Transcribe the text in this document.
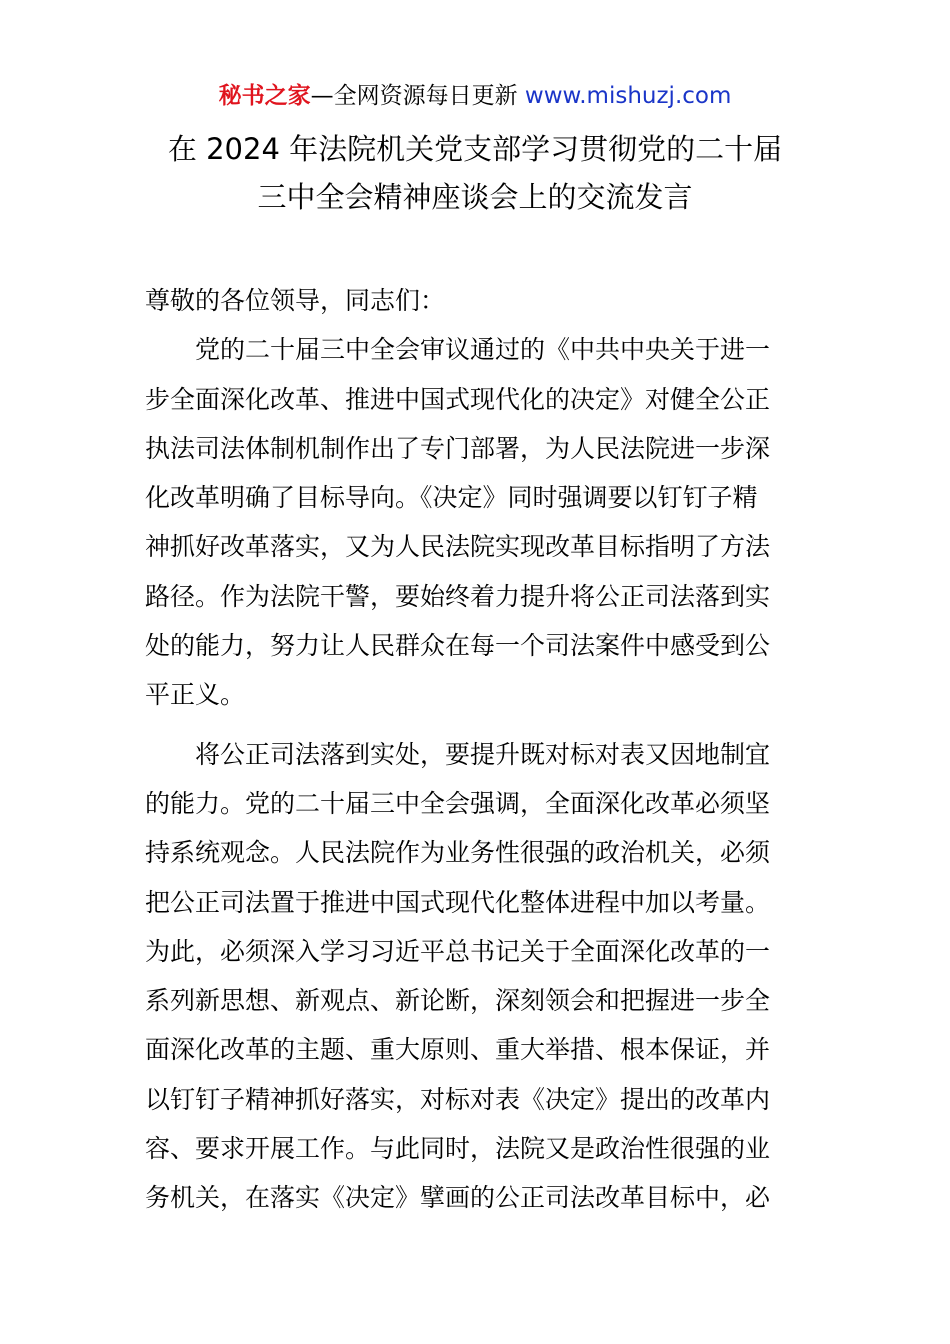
秘书之家—全网资源每日更新 www.mishuzj.com
在 2024 年法院机关党支部学习贯彻党的二十届
三中全会精神座谈会上的交流发言
尊敬的各位领导，同志们：
党的二十届三中全会审议通过的《中共中央关于进一
步全面深化改革、推进中国式现代化的决定》对健全公正
执法司法体制机制作出了专门部署，为人民法院进一步深
化改革明确了目标导向。《决定》同时强调要以钉钉子精
神抓好改革落实，又为人民法院实现改革目标指明了方法
路径。作为法院干警，要始终着力提升将公正司法落到实
处的能力，努力让人民群众在每一个司法案件中感受到公
平正义。
将公正司法落到实处，要提升既对标对表又因地制宜
的能力。党的二十届三中全会强调，全面深化改革必须坚
持系统观念。人民法院作为业务性很强的政治机关，必须
把公正司法置于推进中国式现代化整体进程中加以考量。
为此，必须深入学习习近平总书记关于全面深化改革的一
系列新思想、新观点、新论断，深刻领会和把握进一步全
面深化改革的主题、重大原则、重大举措、根本保证，并
以钉钉子精神抓好落实，对标对表《决定》提出的改革内
容、要求开展工作。与此同时，法院又是政治性很强的业
务机关，在落实《决定》擘画的公正司法改革目标中，必
